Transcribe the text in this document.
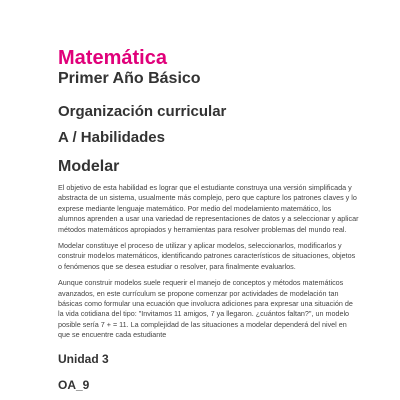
Matemática
Primer Año Básico
Organización curricular
A / Habilidades
Modelar

El objetivo de esta habilidad es lograr que el estudiante construya una versión simplificada y abstracta de un sistema, usualmente más complejo, pero que capture los patrones claves y lo exprese mediante lenguaje matemático. Por medio del modelamiento matemático, los alumnos aprenden a usar una variedad de representaciones de datos y a seleccionar y aplicar métodos matemáticos apropiados y herramientas para resolver problemas del mundo real.

Modelar constituye el proceso de utilizar y aplicar modelos, seleccionarlos, modificarlos y construir modelos matemáticos, identificando patrones característicos de situaciones, objetos o fenómenos que se desea estudiar o resolver, para finalmente evaluarlos.

Aunque construir modelos suele requerir el manejo de conceptos y métodos matemáticos avanzados, en este currículum se propone comenzar por actividades de modelación tan básicas como formular una ecuación que involucra adiciones para expresar una situación de la vida cotidiana del tipo: "Invitamos 11 amigos, 7 ya llegaron. ¿cuántos faltan?", un modelo posible sería 7 + = 11. La complejidad de las situaciones a modelar dependerá del nivel en que se encuentre cada estudiante

Unidad 3
OA_9
